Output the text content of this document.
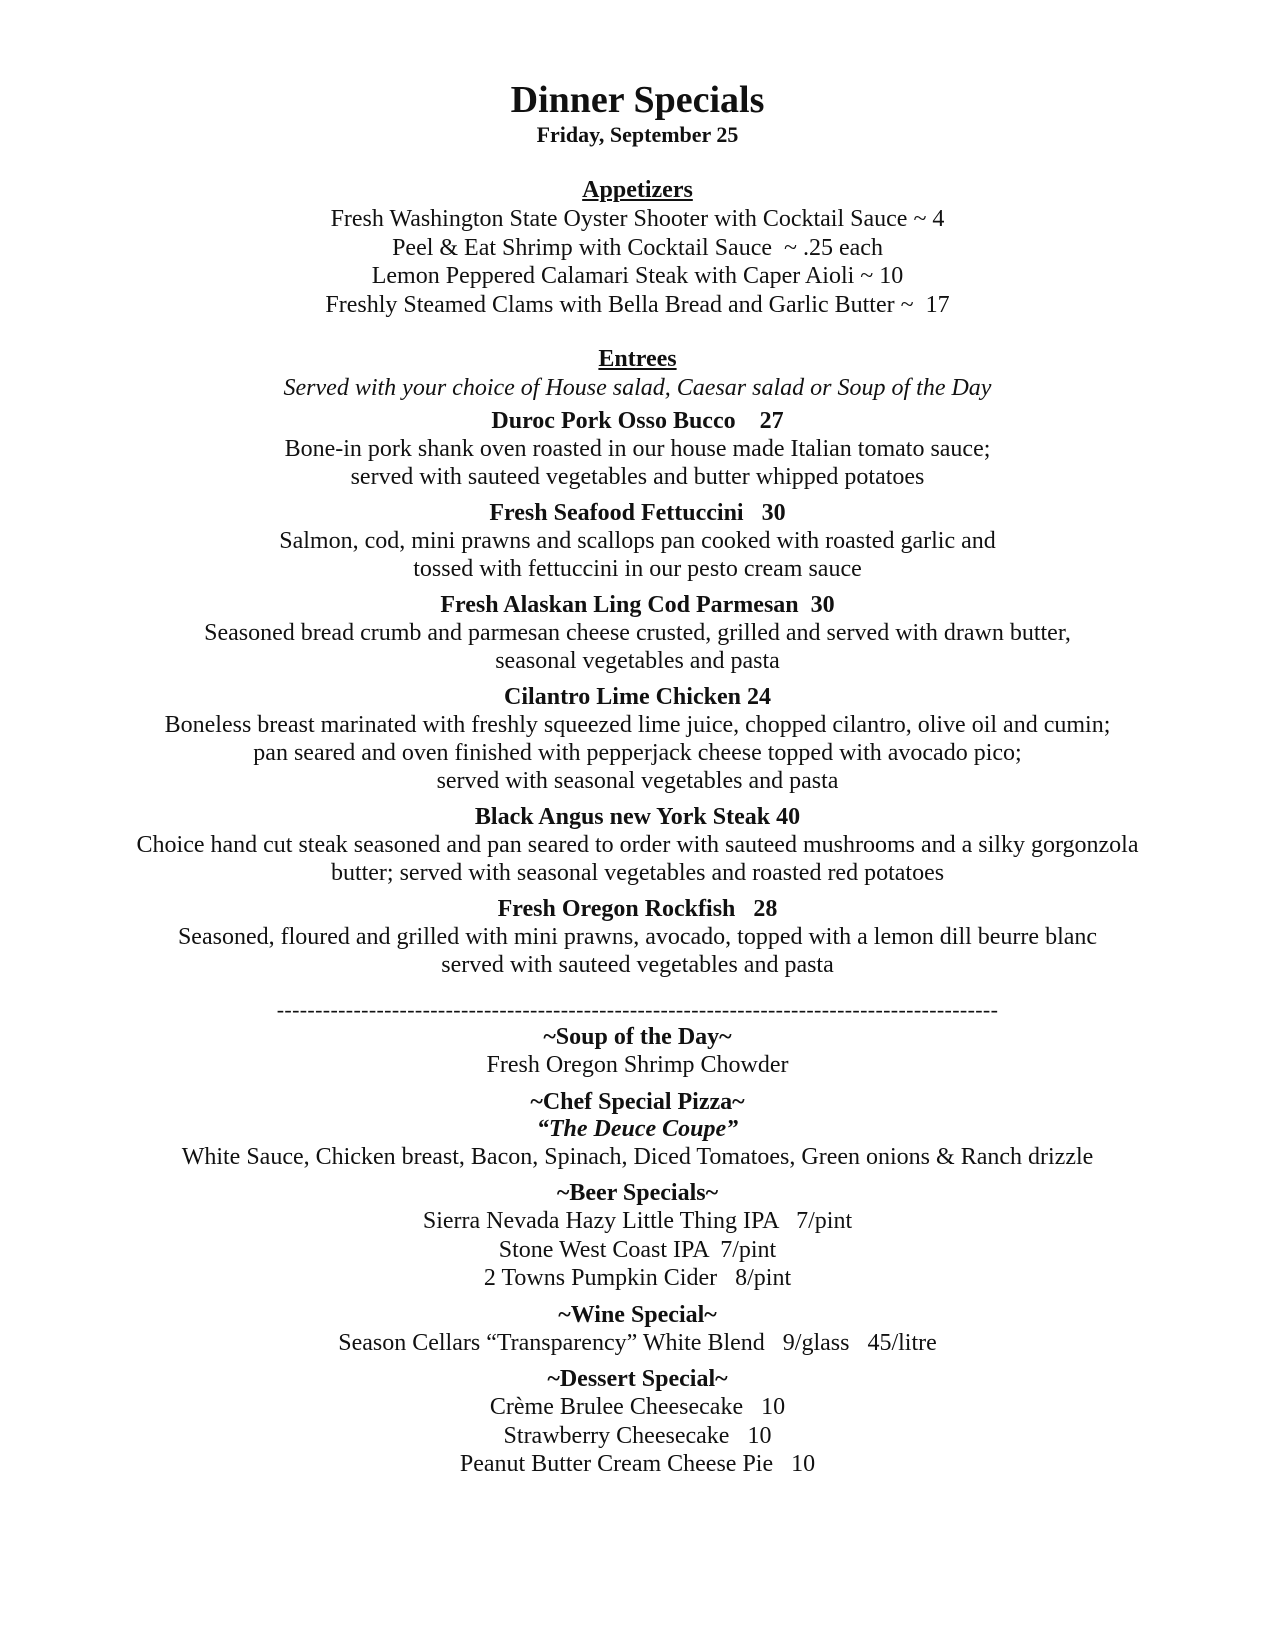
Dinner Specials

Friday, September 25

Appetizers

Fresh Washington State Oyster Shooter with Cocktail Sauce ~ 4

Peel & Eat Shrimp with Cocktail Sauce  ~ .25 each

Lemon Peppered Calamari Steak with Caper Aioli ~ 10

Freshly Steamed Clams with Bella Bread and Garlic Butter ~  17

Entrees

Served with your choice of House salad, Caesar salad or Soup of the Day

Duroc Pork Osso Bucco    27

Bone-in pork shank oven roasted in our house made Italian tomato sauce;

served with sauteed vegetables and butter whipped potatoes

Fresh Seafood Fettuccini   30

Salmon, cod, mini prawns and scallops pan cooked with roasted garlic and

tossed with fettuccini in our pesto cream sauce

Fresh Alaskan Ling Cod Parmesan  30

Seasoned bread crumb and parmesan cheese crusted, grilled and served with drawn butter,

seasonal vegetables and pasta

Cilantro Lime Chicken 24

Boneless breast marinated with freshly squeezed lime juice, chopped cilantro, olive oil and cumin;

pan seared and oven finished with pepperjack cheese topped with avocado pico;

served with seasonal vegetables and pasta

Black Angus new York Steak 40

Choice hand cut steak seasoned and pan seared to order with sauteed mushrooms and a silky gorgonzola

butter; served with seasonal vegetables and roasted red potatoes

Fresh Oregon Rockfish   28

Seasoned, floured and grilled with mini prawns, avocado, topped with a lemon dill beurre blanc

served with sauteed vegetables and pasta

----------------------------------------------------------------------------------------------

~Soup of the Day~

Fresh Oregon Shrimp Chowder

~Chef Special Pizza~

“The Deuce Coupe”

White Sauce, Chicken breast, Bacon, Spinach, Diced Tomatoes, Green onions & Ranch drizzle

~Beer Specials~

Sierra Nevada Hazy Little Thing IPA   7/pint

Stone West Coast IPA  7/pint

2 Towns Pumpkin Cider   8/pint

~Wine Special~

Season Cellars “Transparency” White Blend   9/glass   45/litre

~Dessert Special~

Crème Brulee Cheesecake   10

Strawberry Cheesecake   10

Peanut Butter Cream Cheese Pie   10
